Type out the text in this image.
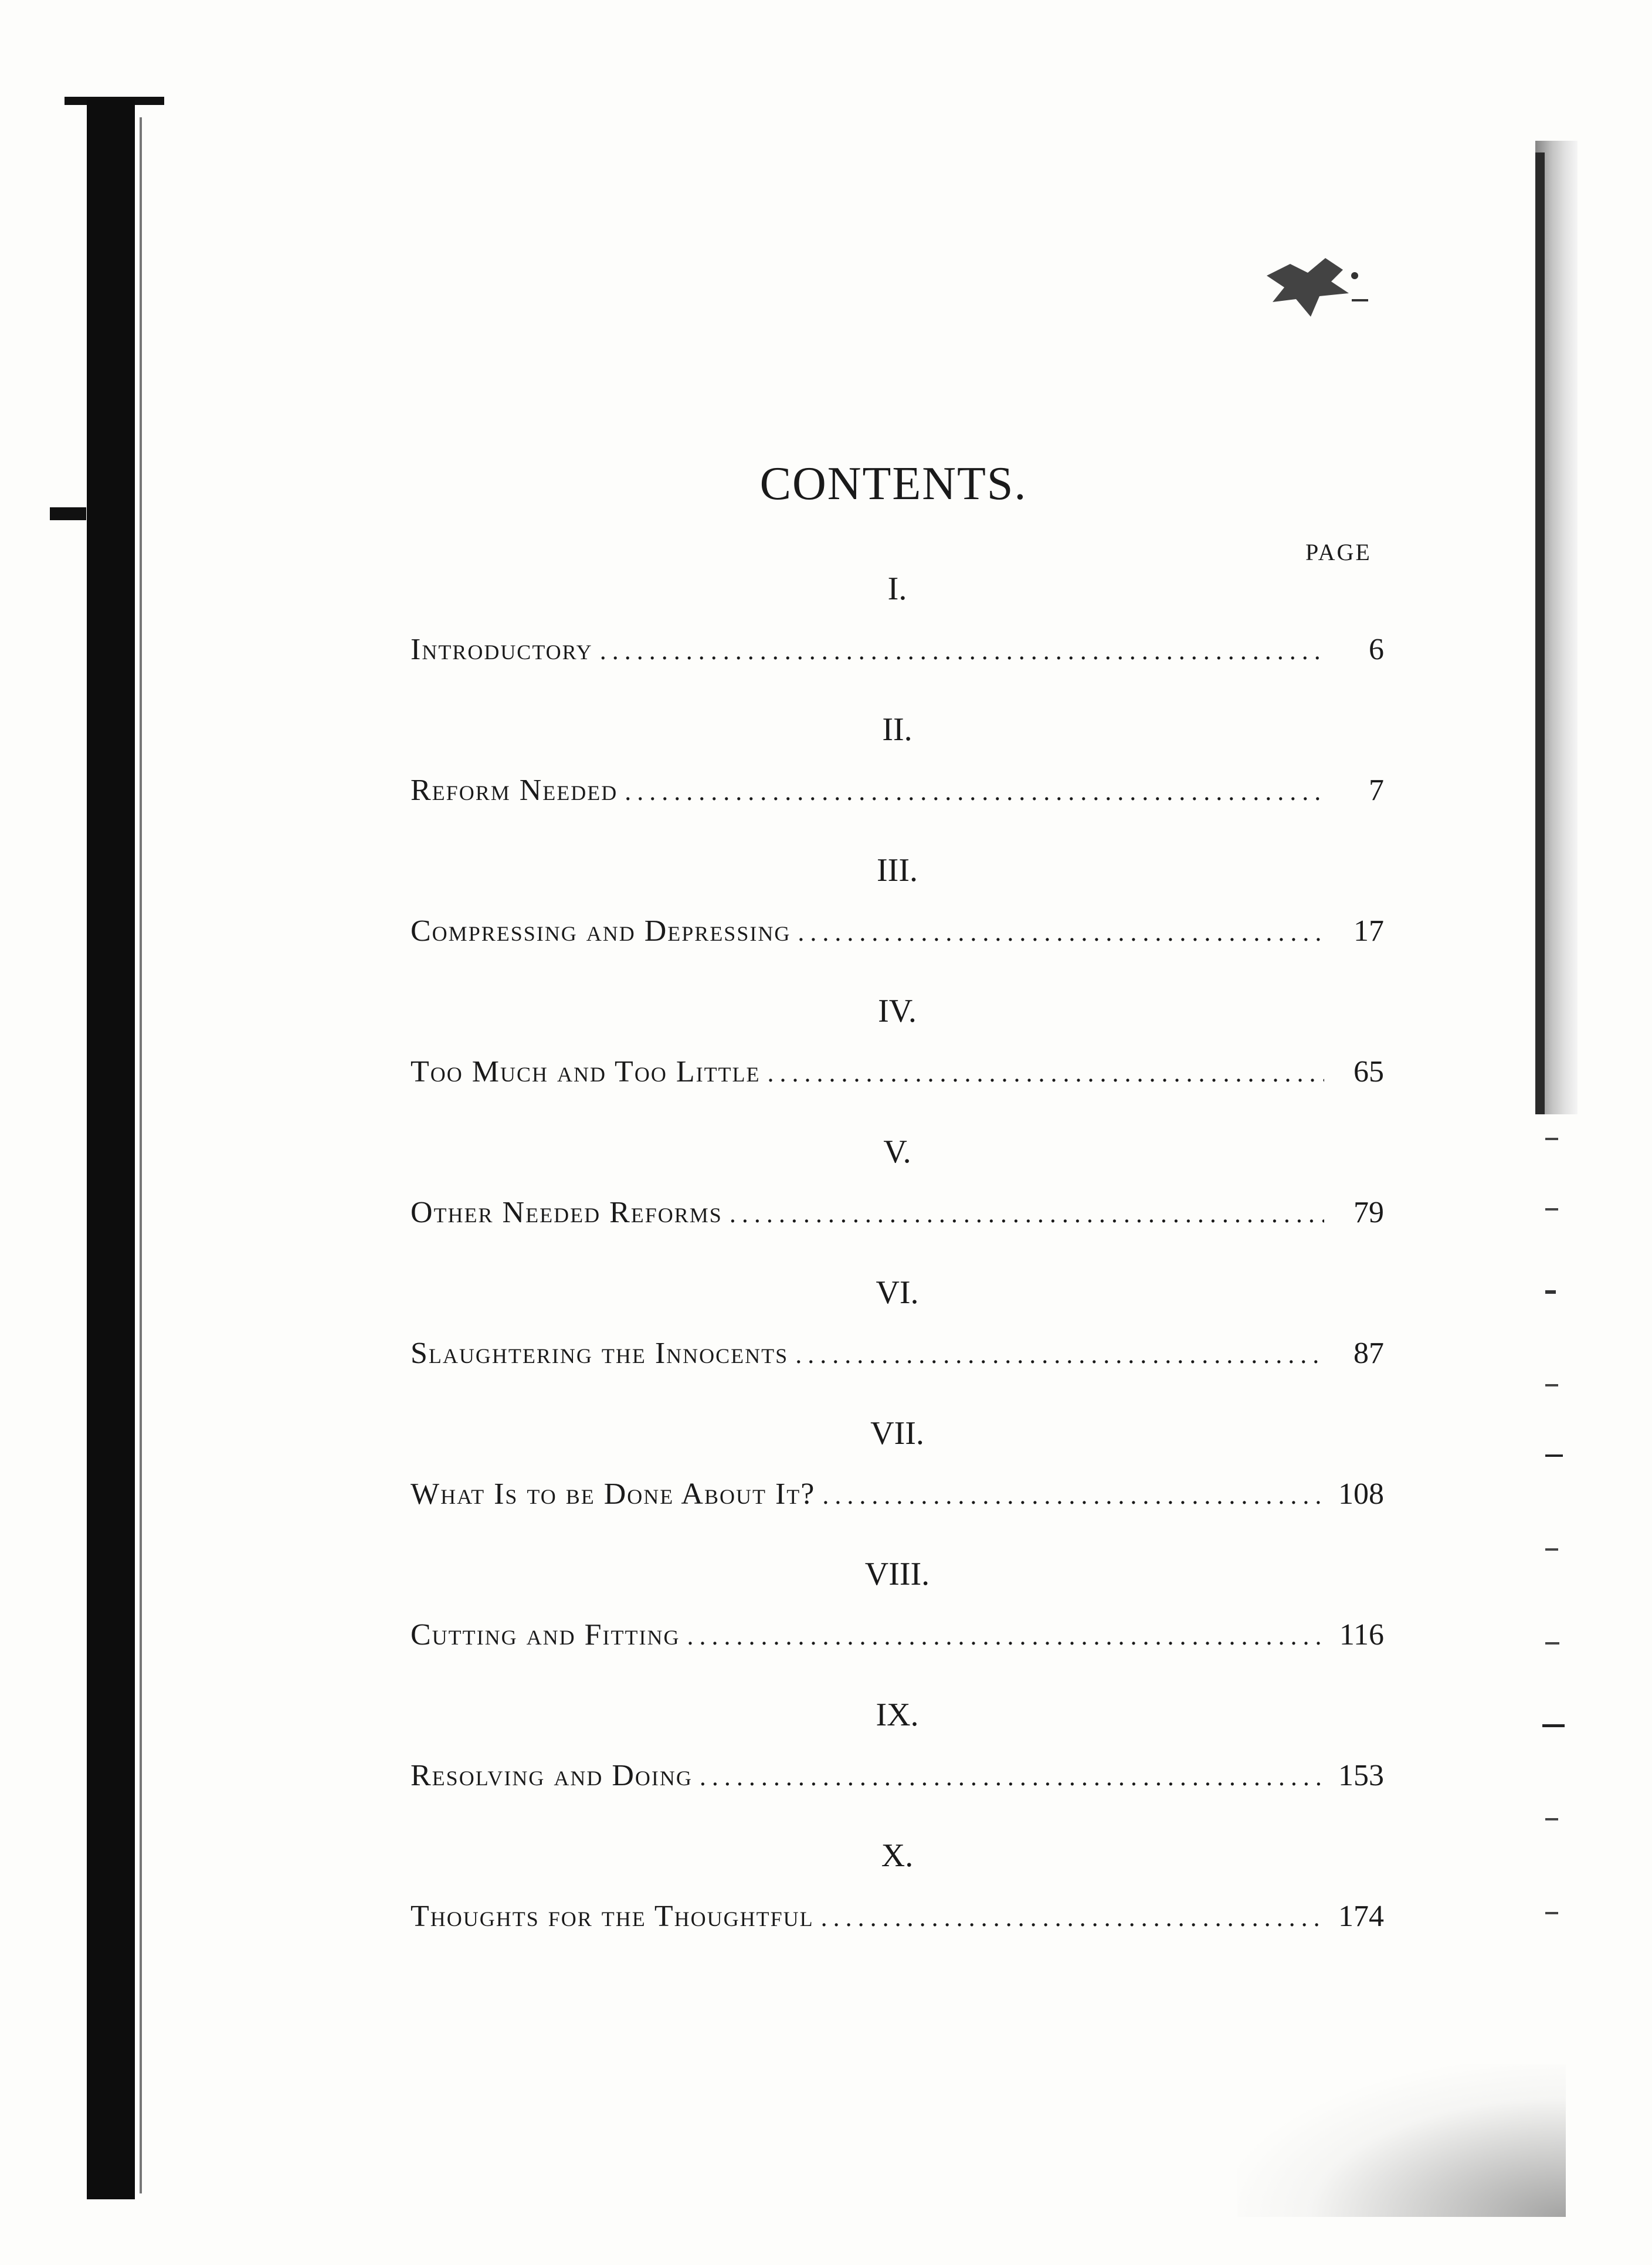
CONTENTS.
PAGE
I.
Introductory .....	6
II.
Reform Needed .....	7
III.
Compressing and Depressing .....	17
IV.
Too Much and Too Little .....	65
V.
Other Needed Reforms .....	79
VI.
Slaughtering the Innocents .....	87
VII.
What Is to be Done About It? .....	108
VIII.
Cutting and Fitting .....	116
IX.
Resolving and Doing .....	153
X.
Thoughts for the Thoughtful .....	174
